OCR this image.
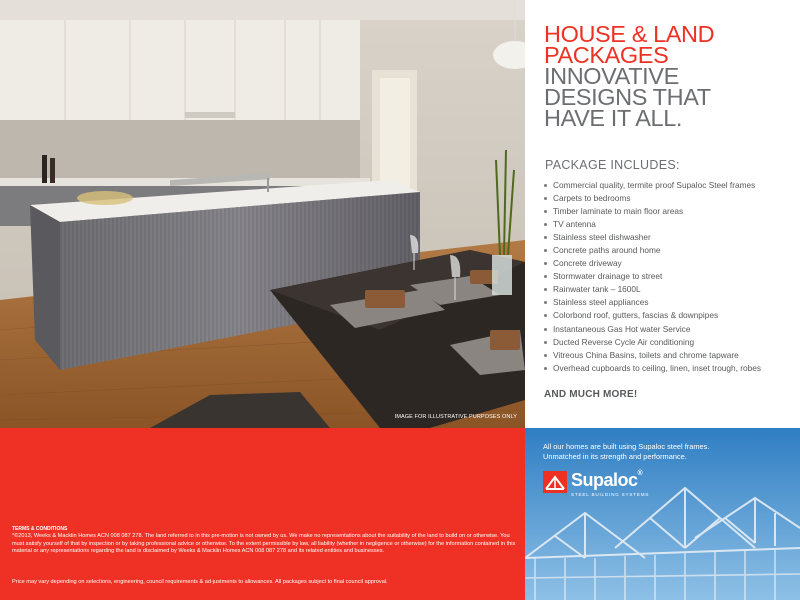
IMAGE FOR ILLUSTRATIVE PURPOSES ONLY
HOUSE & LAND
PACKAGES
INNOVATIVE
DESIGNS THAT
HAVE IT ALL.
PACKAGE INCLUDES:
Commercial quality, termite proof Supaloc Steel frames
Carpets to bedrooms
Timber laminate to main floor areas
TV antenna
Stainless steel dishwasher
Concrete paths around home
Concrete driveway
Stormwater drainage to street
Rainwater tank – 1600L
Stainless steel appliances
Colorbond roof, gutters, fascias & downpipes
Instantaneous Gas Hot water Service
Ducted Reverse Cycle Air conditioning
Vitreous China Basins, toilets and chrome tapware
Overhead cupboards to ceiling, linen, inset trough, robes
AND MUCH MORE!
TERMS & CONDITIONS
*©2013, Weeks & Macklin Homes ACN 008 087 278. The land referred to in this pre-motion is not owned by us. We make no representations about the suitability of the land to build on or otherwise. You must satisfy yourself of that by inspection or by taking professional advice or otherwise. To the extent permissible by law, all liability (whether in negligence or otherwise) for the information contained in this material or any representations regarding the land is disclaimed by Weeks & Macklin Homes ACN 008 087 278 and its related entities and businesses.
Price may vary depending on selections, engineering, council requirements & ad-justments to allowances. All packages subject to final council approval.
All our homes are built using Supaloc steel frames.
Unmatched in its strength and performance.
Supaloc®
STEEL BUILDING SYSTEMS
